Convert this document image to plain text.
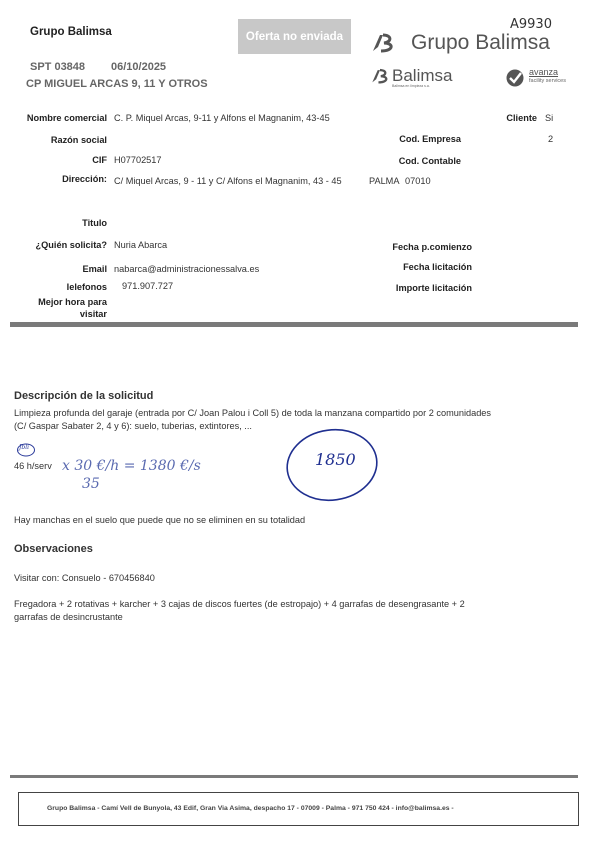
Grupo Balimsa
SPT 03848 06/10/2025
CP MIGUEL ARCAS 9, 11 Y OTROS
Oferta no enviada
A9930
Grupo Balimsa
Balimsa
Balimsa en limpieza s.a.
avanza
facility services
Nombre comercial C. P. Miquel Arcas, 9-11 y Alfons el Magnanim, 43-45	Cliente Si
Razón social	Cod. Empresa	2
CIF H07702517	Cod. Contable
Dirección: C/ Miquel Arcas, 9 - 11 y C/ Alfons el Magnanim, 43 - 45	PALMA 07010
Titulo
¿Quién solicita? Nuria Abarca	Fecha p.comienzo
Email nabarca@administracionessalva.es	Fecha licitación
Ielefonos 971.907.727	Importe licitación
Mejor hora para
visitar
Descripción de la solicitud
Limpieza profunda del garaje (entrada por C/ Joan Palou i Coll 5) de toda la manzana compartido por 2 comunidades
(C/ Gaspar Sabater 2, 4 y 6): suelo, tuberias, extintores, ...
Jbli
46 h/serv x 30 €/h = 1380 €/s
35
1850
Hay manchas en el suelo que puede que no se eliminen en su totalidad
Observaciones
Visitar con: Consuelo - 670456840
Fregadora + 2 rotativas + karcher + 3 cajas de discos fuertes (de estropajo) + 4 garrafas de desengrasante + 2
garrafas de desincrustante
Grupo Balimsa - Camí Vell de Bunyola, 43 Edif, Gran Via Asima, despacho 17 - 07009 - Palma - 971 750 424 - info@balimsa.es -
